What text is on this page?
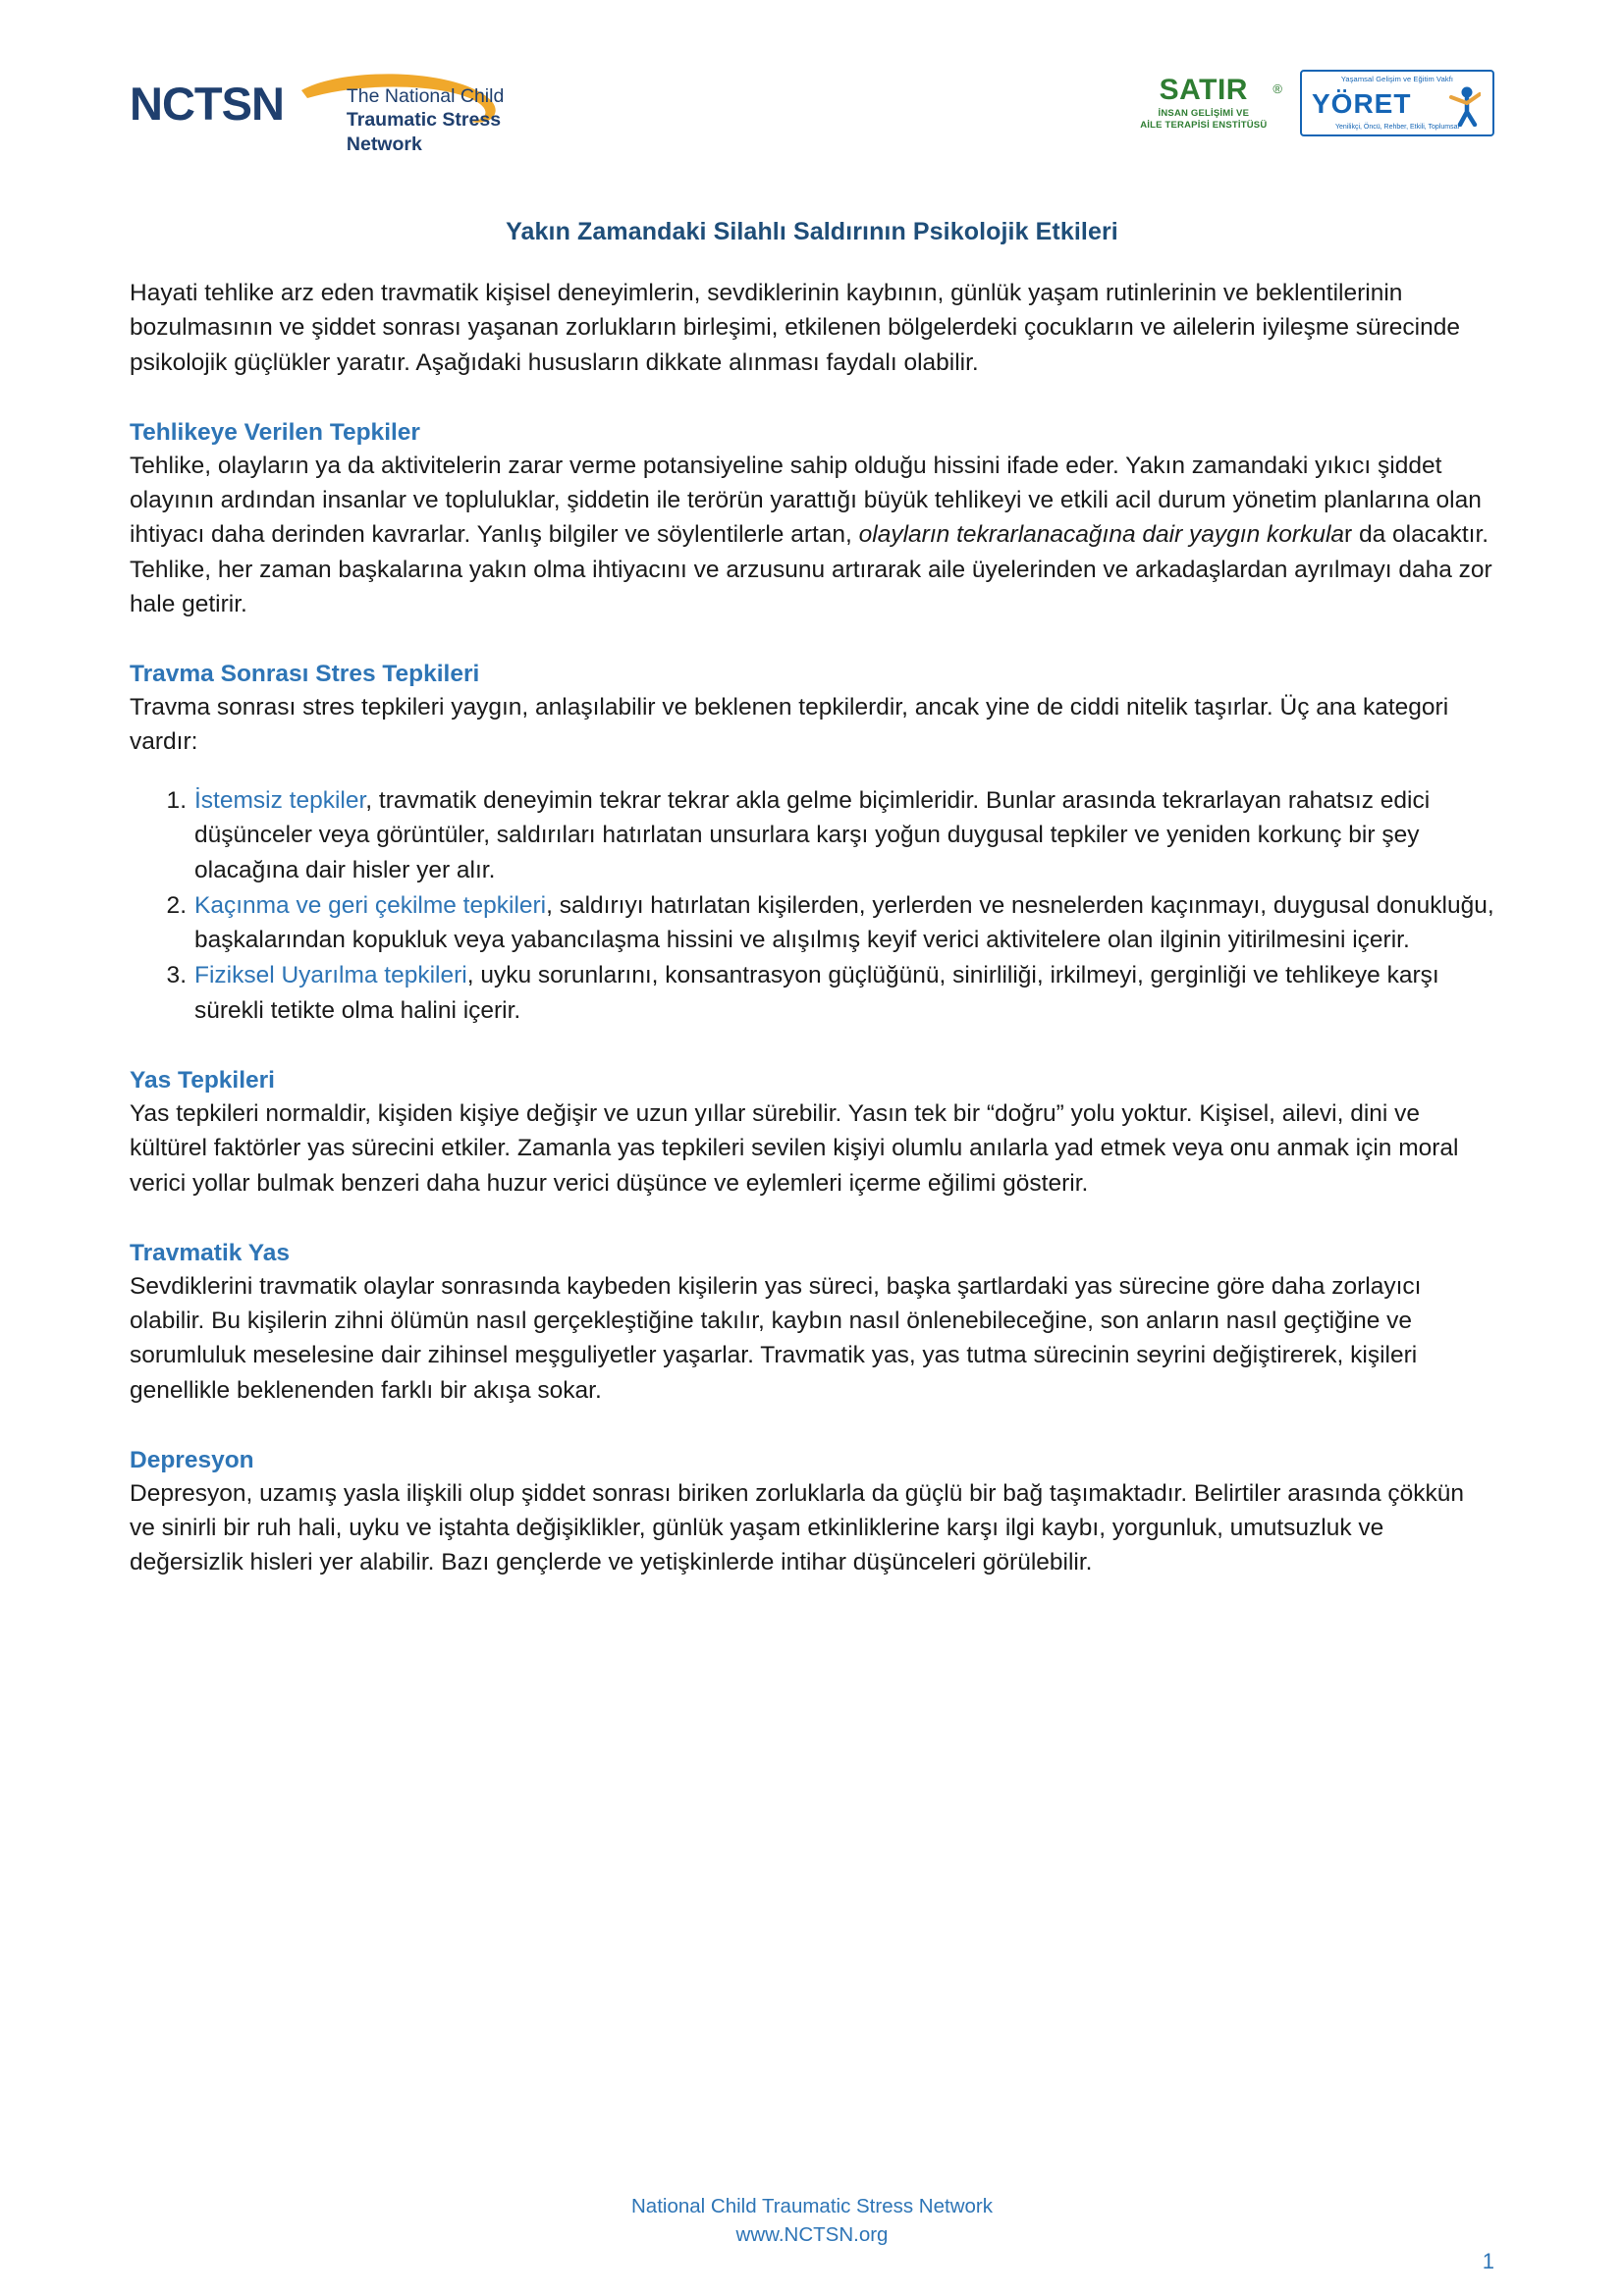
NCTSN	The National Child
Traumatic Stress Network
SATIR
İNSAN GELİŞİMİ VE
AİLE TERAPİSİ ENSTİTÜSÜ
®
Yaşamsal Gelişim ve Eğitim Vakfı
YÖRET
Yenilikçi, Öncü, Rehber, Etkili, Toplumsal
Yakın Zamandaki Silahlı Saldırının Psikolojik Etkileri

Hayati tehlike arz eden travmatik kişisel deneyimlerin, sevdiklerinin kaybının, günlük yaşam rutinlerinin ve beklentilerinin bozulmasının ve şiddet sonrası yaşanan zorlukların birleşimi, etkilenen bölgelerdeki çocukların ve ailelerin iyileşme sürecinde psikolojik güçlükler yaratır. Aşağıdaki hususların dikkate alınması faydalı olabilir.

Tehlikeye Verilen Tepkiler

Tehlike, olayların ya da aktivitelerin zarar verme potansiyeline sahip olduğu hissini ifade eder. Yakın zamandaki yıkıcı şiddet olayının ardından insanlar ve topluluklar, şiddetin ile terörün yarattığı büyük tehlikeyi ve etkili acil durum yönetim planlarına olan ihtiyacı daha derinden kavrarlar. Yanlış bilgiler ve söylentilerle artan, olayların tekrarlanacağına dair yaygın korkular da olacaktır. Tehlike, her zaman başkalarına yakın olma ihtiyacını ve arzusunu artırarak aile üyelerinden ve arkadaşlardan ayrılmayı daha zor hale getirir.

Travma Sonrası Stres Tepkileri

Travma sonrası stres tepkileri yaygın, anlaşılabilir ve beklenen tepkilerdir, ancak yine de ciddi nitelik taşırlar. Üç ana kategori vardır:

İstemsiz tepkiler, travmatik deneyimin tekrar tekrar akla gelme biçimleridir. Bunlar arasında tekrarlayan rahatsız edici düşünceler veya görüntüler, saldırıları hatırlatan unsurlara karşı yoğun duygusal tepkiler ve yeniden korkunç bir şey olacağına dair hisler yer alır.
Kaçınma ve geri çekilme tepkileri, saldırıyı hatırlatan kişilerden, yerlerden ve nesnelerden kaçınmayı, duygusal donukluğu, başkalarından kopukluk veya yabancılaşma hissini ve alışılmış keyif verici aktivitelere olan ilginin yitirilmesini içerir.
Fiziksel Uyarılma tepkileri, uyku sorunlarını, konsantrasyon güçlüğünü, sinirliliği, irkilmeyi, gerginliği ve tehlikeye karşı sürekli tetikte olma halini içerir.
Yas Tepkileri

Yas tepkileri normaldir, kişiden kişiye değişir ve uzun yıllar sürebilir. Yasın tek bir “doğru” yolu yoktur. Kişisel, ailevi, dini ve kültürel faktörler yas sürecini etkiler. Zamanla yas tepkileri sevilen kişiyi olumlu anılarla yad etmek veya onu anmak için moral verici yollar bulmak benzeri daha huzur verici düşünce ve eylemleri içerme eğilimi gösterir.

Travmatik Yas

Sevdiklerini travmatik olaylar sonrasında kaybeden kişilerin yas süreci, başka şartlardaki yas sürecine göre daha zorlayıcı olabilir. Bu kişilerin zihni ölümün nasıl gerçekleştiğine takılır, kaybın nasıl önlenebileceğine, son anların nasıl geçtiğine ve sorumluluk meselesine dair zihinsel meşguliyetler yaşarlar. Travmatik yas, yas tutma sürecinin seyrini değiştirerek, kişileri genellikle beklenenden farklı bir akışa sokar.

Depresyon

Depresyon, uzamış yasla ilişkili olup şiddet sonrası biriken zorluklarla da güçlü bir bağ taşımaktadır. Belirtiler arasında çökkün ve sinirli bir ruh hali, uyku ve iştahta değişiklikler, günlük yaşam etkinliklerine karşı ilgi kaybı, yorgunluk, umutsuzluk ve değersizlik hisleri yer alabilir. Bazı gençlerde ve yetişkinlerde intihar düşünceleri görülebilir.

National Child Traumatic Stress Network
www.NCTSN.org
1
